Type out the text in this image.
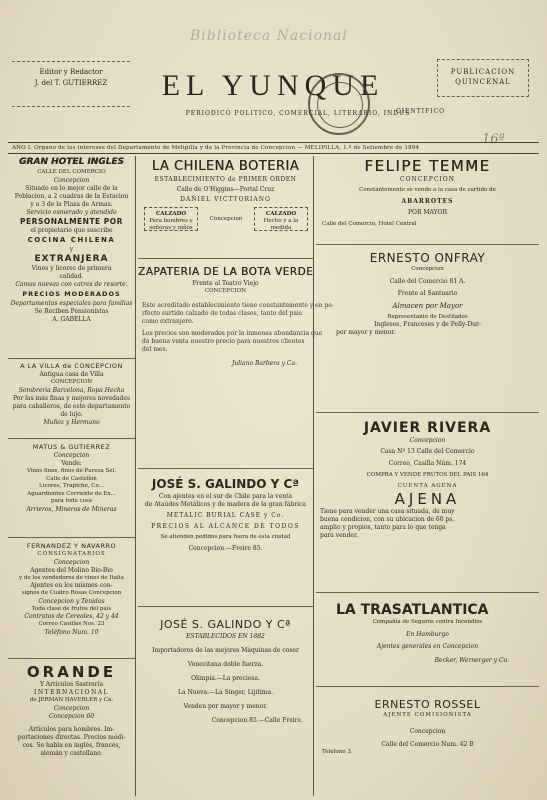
Biblioteca Nacional
Editor y Redactor
J. del T. GUTIERREZ	EL YUNQUE	PUBLICACION
QUINCENAL
PERIODICO POLITICO, COMERCIAL, LITERARIO, INDUS
CIENTIFICO
16ª
AÑO I. Organo de los intereses del Departamento de Melipilla y de la Provincia de Concepcion — MELIPILLA, 1.º de Setiembre de 1894
GRAN HOTEL INGLES
CALLE DEL COMERCIO
Concepcion
Situado en lo mejor calle de la
Poblacion, a 2 cuadras de la Estacion
y a 3 de la Plaza de Armas.
Servicio esmerado y atendido
PERSONALMENTE POR
el propietario que suscribe
COCINA CHILENA
y
EXTRANJERA
Vinos y licores de primera
calidad.
Camas nuevas con catres de resorte.
PRECIOS MODERADOS
Departamentos especiales para familias
Se Reciben Pensionistas
A. GABELLA
A LA VILLA de CONCEPCION
Antigua casa de Villa
CONCEPCION
Sombreria Barcelona, Ropa Hecha
Por las más finas y mejores novedades
para caballeros, de este departamento
de lujo.
Muñoz y Hermano
MATUS & GUTIERREZ
Concepcion
Vende:
Vinos finos, finos de Pureza Sel.
Calle de Castellon
Licores, Trapiche, Co...
Aguardientes Corriente de Ex...
para toda cosa
Arrieros, Mineros de Mineras
FERNANDEZ Y NAVARRO
CONSIGNATARIOS
Concepcion
Agentes del Molino Bio-Bio
y de los vendedores de vinos de Italia
Ajentes en los mismos con-
signos de Cuatro Rosas Concepcion
Concepcion y Tenidos
Toda clase de frutos del pais
Contratos de Cereales, 42 y 44
Correo Casillas Nos. 23
Teléfono Num. 10
ORANDE
Y Artículos Sastrería
INTERNACIONAL
de JERMAN HAVERLER y Ca.
Concepcion
Concepcion 60
Artículos para hombres. Im-
portaciones directas. Precios módi-
cos. Se habla en inglés, francés,
alemán y castellano.
LA CHILENA BOTERIA
ESTABLECIMIENTO de PRIMER ORDEN
Calle de O'Higgins—Portal Cruz
DAÑIEL VICTTORIANO
CALZADO
Para hombres y
señoras y niños
Concepcion
CALZADO
Hecho y a la
medida
ZAPATERIA DE LA BOTA VERDE
Frente al Teatro Viejo
CONCEPCION
Este acreditado establecimiento tiene constantemente y en pe-
rfecto surtido calzado de todas clases, tanto del pais
como extranjero.
Los precios son moderados por la inmensa abundancia que
da buena venta nuestro precio para nuestros clientes
del mes.
Juliano Barbera y Ca.
JOSÉ S. GALINDO Y Cª
Con ajentes en el sur de Chile para la venta
de Ataúdes Metálicos y de madera de la gran fábrica
METALIC BURIAL CASE y Co.
PRECIOS AL ALCANCE DE TODOS
Se atienden pedidos para fuera de esta ciudad
Concepcion.—Freire 85.
JOSÉ S. GALINDO Y Cª
ESTABLECIDOS EN 1882
Importadores de las mejores Máquinas de coser
Venecitana doble fuerza.
Olimpia.—La preciosa.
La Nueva.—La Singer, Lijitima.
Venden por mayor y menor.
Concepcion 85.—Calle Freire.
FELIPE TEMME
CONCEPCION
Constantemente se vende a la casa de surtido de
ABARROTES
POR MAYOR
Calle del Comercio, Hotel Central
ERNESTO ONFRAY
Concepcion
Calle del Comercio 81 A.
Frente al Santuario
Almacen por Mayor
Representante de Destilados
Ingleses, Franceses y de Pelly-Dur-
por mayor y menor.
JAVIER RIVERA
Concepcion
Casa Nº 13 Calle del Comercio
Correo, Casilla Núm. 174
COMPRA Y VENDE FRUTOS DEL PAIS 164
CUENTA AGENA
AJENA
Tiene para vender una casa situada, de muy
buena condicion, con su ubicacion de 60 ps.
amplio y propios, tanto para lo que tenga
para vender.
LA TRASATLANTICA
Compañía de Seguros contra Incendios
En Hamburgo
Ajentes generales en Concepcion
Becker, Wernerger y Co.
ERNESTO ROSSEL
AJENTE COMISIONISTA
Concepcion
Calle del Comercio Num. 42 B
Teléfono 3.
